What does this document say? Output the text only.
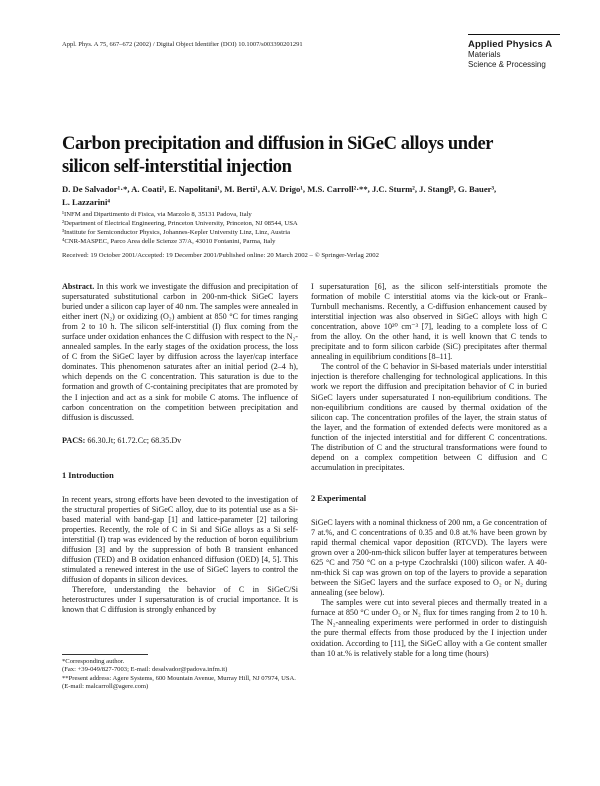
Appl. Phys. A 75, 667–672 (2002) / Digital Object Identifier (DOI) 10.1007/s003390201291	Applied Physics A
Materials
Science & Processing
Carbon precipitation and diffusion in SiGeC alloys under
silicon self-interstitial injection
D. De Salvador¹·*, A. Coati¹, E. Napolitani¹, M. Berti¹, A.V. Drigo¹, M.S. Carroll²·**, J.C. Sturm², J. Stangl³, G. Bauer³,
L. Lazzarini⁴
¹INFM and Dipartimento di Fisica, via Marzolo 8, 35131 Padova, Italy
²Department of Electrical Engineering, Princeton University, Princeton, NJ 08544, USA
³Institute for Semiconductor Physics, Johannes-Kepler University Linz, Linz, Austria
⁴CNR-MASPEC, Parco Area delle Scienze 37/A, 43010 Fontanini, Parma, Italy
Received: 19 October 2001/Accepted: 19 December 2001/Published online: 20 March 2002 – © Springer-Verlag 2002

Abstract. In this work we investigate the diffusion and precipitation of supersaturated substitutional carbon in 200-nm-thick SiGeC layers buried under a silicon cap layer of 40 nm. The samples were annealed in either inert (N₂) or oxidizing (O₂) ambient at 850 °C for times ranging from 2 to 10 h. The silicon self-interstitial (I) flux coming from the surface under oxidation enhances the C diffusion with respect to the N₂-annealed samples. In the early stages of the oxidation process, the loss of C from the SiGeC layer by diffusion across the layer/cap interface dominates. This phenomenon saturates after an initial period (2–4 h), which depends on the C concentration. This saturation is due to the formation and growth of C-containing precipitates that are promoted by the I injection and act as a sink for mobile C atoms. The influence of carbon concentration on the competition between precipitation and diffusion is discussed.

PACS: 66.30.Jt; 61.72.Cc; 68.35.Dv

1 Introduction

In recent years, strong efforts have been devoted to the investigation of the structural properties of SiGeC alloy, due to its potential use as a Si-based material with band-gap [1] and lattice-parameter [2] tailoring properties. Recently, the role of C in Si and SiGe alloys as a Si self-interstitial (I) trap was evidenced by the reduction of boron equilibrium diffusion [3] and by the suppression of both B transient enhanced diffusion (TED) and B oxidation enhanced diffusion (OED) [4, 5]. This stimulated a renewed interest in the use of SiGeC layers to control the diffusion of dopants in silicon devices.

Therefore, understanding the behavior of C in SiGeC/Si heterostructures under I supersaturation is of crucial importance. It is known that C diffusion is strongly enhanced by

*Corresponding author.

(Fax: +39-049/827-7003; E-mail: desalvador@padova.infm.it)

**Present address: Agere Systems, 600 Mountain Avenue, Murray Hill, NJ 07974, USA. (E-mail: malcarroll@agere.com)

I supersaturation [6], as the silicon self-interstitials promote the formation of mobile C interstitial atoms via the kick-out or Frank–Turnbull mechanisms. Recently, a C-diffusion enhancement caused by interstitial injection was also observed in SiGeC alloys with high C concentration, above 10²⁰ cm⁻³ [7], leading to a complete loss of C from the alloy. On the other hand, it is well known that C tends to precipitate and to form silicon carbide (SiC) precipitates after thermal annealing in equilibrium conditions [8–11].

The control of the C behavior in Si-based materials under interstitial injection is therefore challenging for technological applications. In this work we report the diffusion and precipitation behavior of C in buried SiGeC layers under supersaturated I non-equilibrium conditions. The non-equilibrium conditions are caused by thermal oxidation of the silicon cap. The concentration profiles of the layer, the strain status of the layer, and the formation of extended defects were monitored as a function of the injected interstitial and for different C concentrations. The distribution of C and the structural transformations were found to depend on a complex competition between C diffusion and C accumulation in precipitates.

2 Experimental

SiGeC layers with a nominal thickness of 200 nm, a Ge concentration of 7 at.%, and C concentrations of 0.35 and 0.8 at.% have been grown by rapid thermal chemical vapor deposition (RTCVD). The layers were grown over a 200-nm-thick silicon buffer layer at temperatures between 625 °C and 750 °C on a p-type Czochralski (100) silicon wafer. A 40-nm-thick Si cap was grown on top of the layers to provide a separation between the SiGeC layers and the surface exposed to O₂ or N₂ during annealing (see below).

The samples were cut into several pieces and thermally treated in a furnace at 850 °C under O₂ or N₂ flux for times ranging from 2 to 10 h. The N₂-annealing experiments were performed in order to distinguish the pure thermal effects from those produced by the I injection under oxidation. According to [11], the SiGeC alloy with a Ge content smaller than 10 at.% is relatively stable for a long time (hours)
